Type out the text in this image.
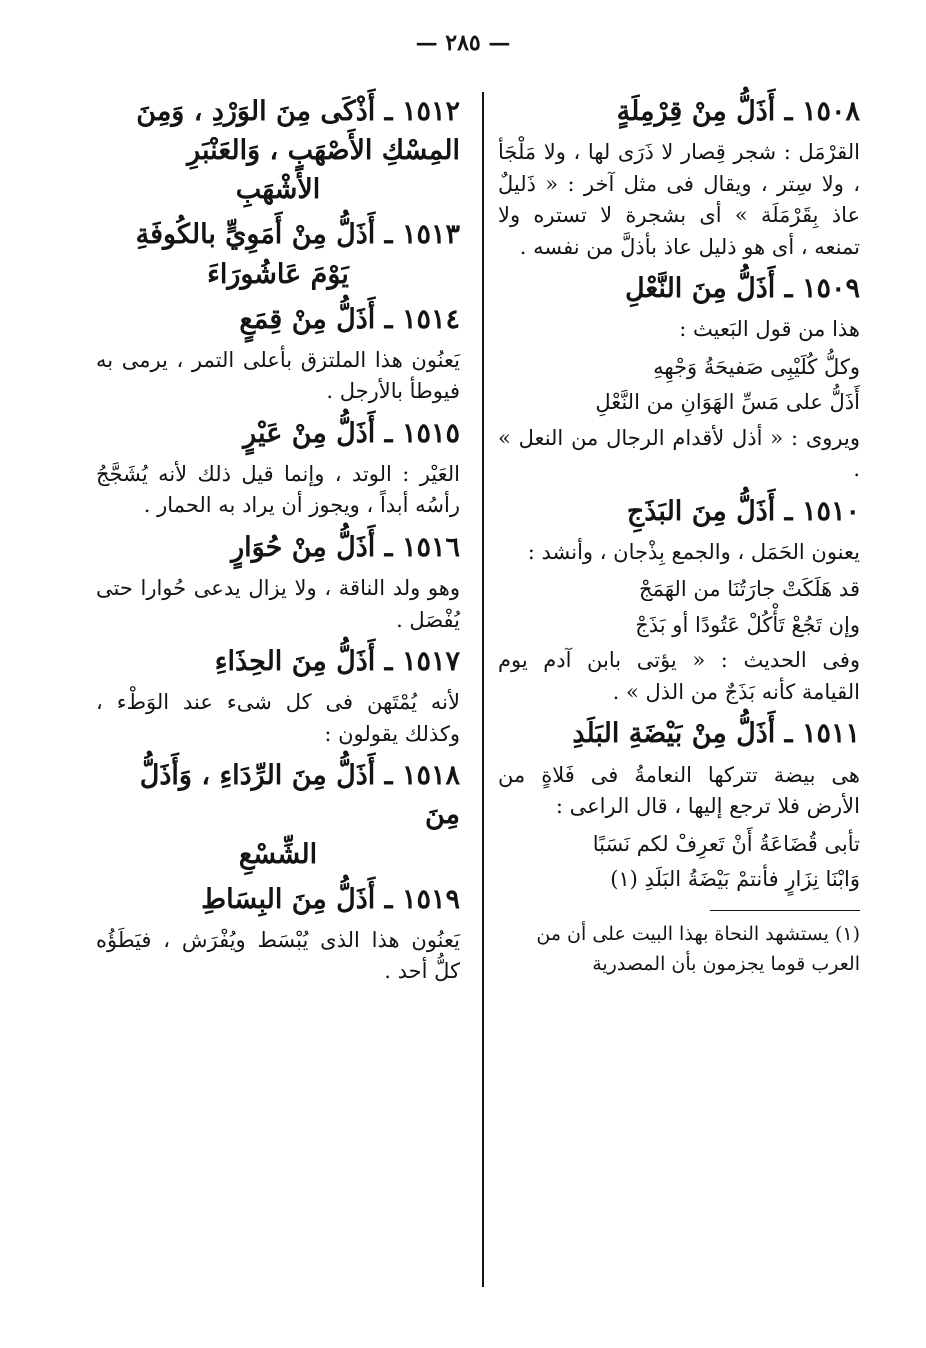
— ٢٨٥ —
١٥٠٨ ـ أَذَلُّ مِنْ قِرْمِلَةٍ

القرْمَل : شجر قِصار لا ذَرَى لها ، ولا مَلْجَأ ، ولا سِتر ، ويقال فى مثل آخر : « ذَليلٌ عاذ بِقَرْمَلَة » أى بشجرة لا تستره ولا تمنعه ، أى هو ذليل عاذ بأذلَّ من نفسه .

١٥٠٩ ـ أَذَلُّ مِنَ النَّعْلِ

هذا من قول البَعيث :

وكلُّ كُلَيْبِى صَفيحَةُ وَجْهِهِ

أَذَلُّ على مَسِّ الهَوَانِ من النَّعْلِ

ويروى : « أذل لأقدام الرجال من النعل » .

١٥١٠ ـ أَذَلُّ مِنَ البَذَجِ

يعنون الحَمَل ، والجمع بِذْجان ، وأنشد :

قد هَلَكَتْ جارَتُنَا من الهَمَجْ

وإن تَجُعْ تَأْكُلْ عَتُودًا أو بَذَجْ

وفى الحديث : « يؤتى بابن آدم يوم القيامة كأنه بَذَجٌ من الذل » .

١٥١١ ـ أَذَلُّ مِنْ بَيْضَةِ البَلَدِ

هى بيضة تتركها النعامةُ فى فَلاةٍ من الأرض فلا ترجع إليها ، قال الراعى :

تأبى قُضَاعَةُ أَنْ تَعرِفْ لكم نَسَبًا

وَابْنَا نِزَارٍ فأنتمْ بَيْضَةُ البَلَدِ (١)

(١) يستشهد النحاة بهذا البيت على أن من العرب قوما يجزمون بأن المصدرية

١٥١٢ ـ أَذْكَى مِنَ الوَرْدِ ، وَمِنَ المِسْكِ الأَصْهَبِ ، وَالعَنْبَرِ
الأَشْهَبِ
١٥١٣ ـ أَذَلُّ مِنْ أَمَوِيٍّ بالكُوفَةِ
يَوْمَ عَاشُورَاءَ
١٥١٤ ـ أَذَلُّ مِنْ قِمَعٍ

يَعنُون هذا الملتزق بأعلى التمر ، يرمى به فيوطأ بالأرجل .

١٥١٥ ـ أَذَلُّ مِنْ عَيْرٍ

العَيْر : الوتد ، وإنما قيل ذلك لأنه يُشَجَّجُ رأسُه أبداً ، ويجوز أن يراد به الحمار .

١٥١٦ ـ أَذَلُّ مِنْ حُوَارٍ

وهو ولد الناقة ، ولا يزال يدعى حُوارا حتى يُفْصَل .

١٥١٧ ـ أَذَلُّ مِنَ الحِذَاءِ

لأنه يُمْتَهن فى كل شىء عند الوَطْء ، وكذلك يقولون :

١٥١٨ ـ أَذَلُّ مِنَ الرِّدَاءِ ، وَأَذَلُّ مِنَ
الشِّسْعِ
١٥١٩ ـ أَذَلُّ مِنَ البِسَاطِ

يَعنُون هذا الذى يُبْسَط ويُفْرَش ، فيَطَؤُه كلُّ أحد .
